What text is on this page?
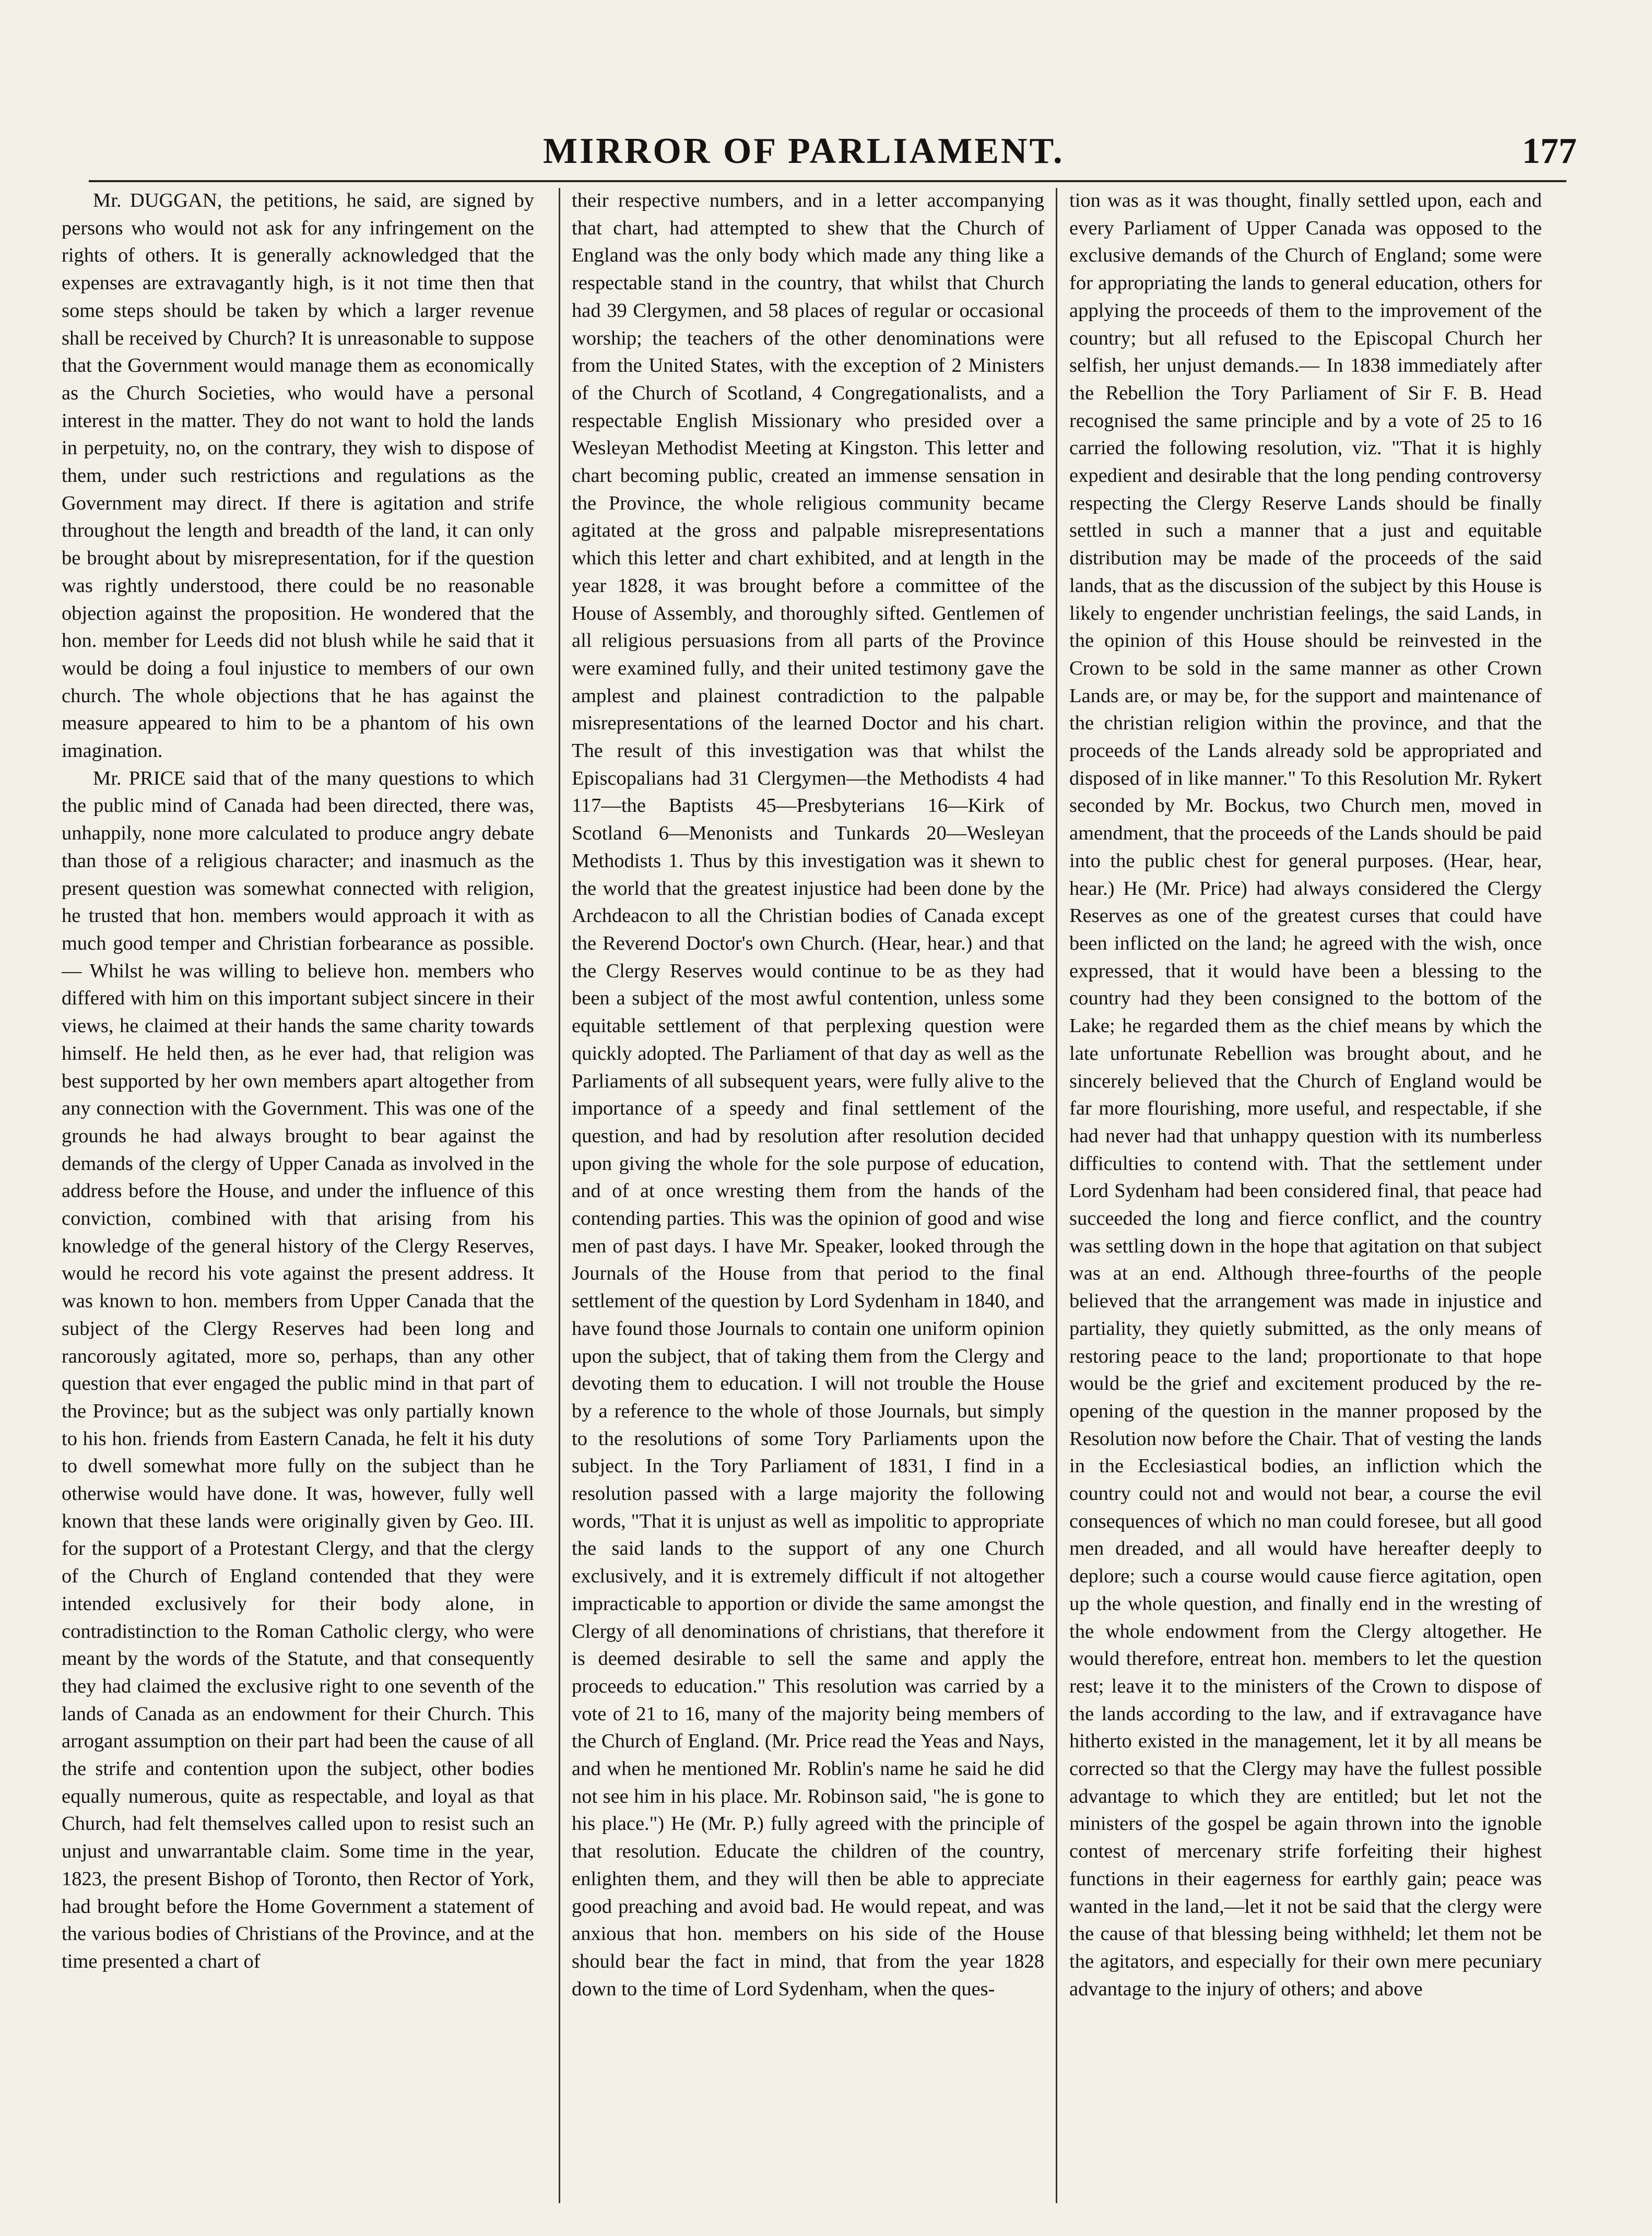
MIRROR OF PARLIAMENT.	177

Mr. DUGGAN, the petitions, he said, are signed by persons who would not ask for any infringement on the rights of others. It is generally acknowledged that the expenses are extravagantly high, is it not time then that some steps should be taken by which a larger revenue shall be received by Church? It is unreasonable to suppose that the Government would manage them as economically as the Church Societies, who would have a personal interest in the matter. They do not want to hold the lands in perpetuity, no, on the contrary, they wish to dispose of them, under such restrictions and regulations as the Government may direct. If there is agitation and strife throughout the length and breadth of the land, it can only be brought about by misrepresentation, for if the question was rightly understood, there could be no reasonable objection against the proposition. He wondered that the hon. member for Leeds did not blush while he said that it would be doing a foul injustice to members of our own church. The whole objections that he has against the measure appeared to him to be a phantom of his own imagination.

Mr. PRICE said that of the many questions to which the public mind of Canada had been directed, there was, unhappily, none more calculated to produce angry debate than those of a religious character; and inasmuch as the present question was somewhat connected with religion, he trusted that hon. members would approach it with as much good temper and Christian forbearance as possible.— Whilst he was willing to believe hon. members who differed with him on this important subject sincere in their views, he claimed at their hands the same charity towards himself. He held then, as he ever had, that religion was best supported by her own members apart altogether from any connection with the Government. This was one of the grounds he had always brought to bear against the demands of the clergy of Upper Canada as involved in the address before the House, and under the influence of this conviction, combined with that arising from his knowledge of the general history of the Clergy Reserves, would he record his vote against the present address. It was known to hon. members from Upper Canada that the subject of the Clergy Reserves had been long and rancorously agitated, more so, perhaps, than any other question that ever engaged the public mind in that part of the Province; but as the subject was only partially known to his hon. friends from Eastern Canada, he felt it his duty to dwell somewhat more fully on the subject than he otherwise would have done. It was, however, fully well known that these lands were originally given by Geo. III. for the support of a Protestant Clergy, and that the clergy of the Church of England contended that they were intended exclusively for their body alone, in contradistinction to the Roman Catholic clergy, who were meant by the words of the Statute, and that consequently they had claimed the exclusive right to one seventh of the lands of Canada as an endowment for their Church. This arrogant assumption on their part had been the cause of all the strife and contention upon the subject, other bodies equally numerous, quite as respectable, and loyal as that Church, had felt themselves called upon to resist such an unjust and unwarrantable claim. Some time in the year, 1823, the present Bishop of Toronto, then Rector of York, had brought before the Home Government a statement of the various bodies of Christians of the Province, and at the time presented a chart of

their respective numbers, and in a letter accompanying that chart, had attempted to shew that the Church of England was the only body which made any thing like a respectable stand in the country, that whilst that Church had 39 Clergymen, and 58 places of regular or occasional worship; the teachers of the other denominations were from the United States, with the exception of 2 Ministers of the Church of Scotland, 4 Congregationalists, and a respectable English Missionary who presided over a Wesleyan Methodist Meeting at Kingston. This letter and chart becoming public, created an immense sensation in the Province, the whole religious community became agitated at the gross and palpable misrepresentations which this letter and chart exhibited, and at length in the year 1828, it was brought before a committee of the House of Assembly, and thoroughly sifted. Gentlemen of all religious persuasions from all parts of the Province were examined fully, and their united testimony gave the amplest and plainest contradiction to the palpable misrepresentations of the learned Doctor and his chart. The result of this investigation was that whilst the Episcopalians had 31 Clergymen—the Methodists 4 had 117—the Baptists 45—Presbyterians 16—Kirk of Scotland 6—Menonists and Tunkards 20—Wesleyan Methodists 1. Thus by this investigation was it shewn to the world that the greatest injustice had been done by the Archdeacon to all the Christian bodies of Canada except the Reverend Doctor's own Church. (Hear, hear.) and that the Clergy Reserves would continue to be as they had been a subject of the most awful contention, unless some equitable settlement of that perplexing question were quickly adopted. The Parliament of that day as well as the Parliaments of all subsequent years, were fully alive to the importance of a speedy and final settlement of the question, and had by resolution after resolution decided upon giving the whole for the sole purpose of education, and of at once wresting them from the hands of the contending parties. This was the opinion of good and wise men of past days. I have Mr. Speaker, looked through the Journals of the House from that period to the final settlement of the question by Lord Sydenham in 1840, and have found those Journals to contain one uniform opinion upon the subject, that of taking them from the Clergy and devoting them to education. I will not trouble the House by a reference to the whole of those Journals, but simply to the resolutions of some Tory Parliaments upon the subject. In the Tory Parliament of 1831, I find in a resolution passed with a large majority the following words, "That it is unjust as well as impolitic to appropriate the said lands to the support of any one Church exclusively, and it is extremely difficult if not altogether impracticable to apportion or divide the same amongst the Clergy of all denominations of christians, that therefore it is deemed desirable to sell the same and apply the proceeds to education." This resolution was carried by a vote of 21 to 16, many of the majority being members of the Church of England. (Mr. Price read the Yeas and Nays, and when he mentioned Mr. Roblin's name he said he did not see him in his place. Mr. Robinson said, "he is gone to his place.") He (Mr. P.) fully agreed with the principle of that resolution. Educate the children of the country, enlighten them, and they will then be able to appreciate good preaching and avoid bad. He would repeat, and was anxious that hon. members on his side of the House should bear the fact in mind, that from the year 1828 down to the time of Lord Sydenham, when the ques-

tion was as it was thought, finally settled upon, each and every Parliament of Upper Canada was opposed to the exclusive demands of the Church of England; some were for appropriating the lands to general education, others for applying the proceeds of them to the improvement of the country; but all refused to the Episcopal Church her selfish, her unjust demands.— In 1838 immediately after the Rebellion the Tory Parliament of Sir F. B. Head recognised the same principle and by a vote of 25 to 16 carried the following resolution, viz. "That it is highly expedient and desirable that the long pending controversy respecting the Clergy Reserve Lands should be finally settled in such a manner that a just and equitable distribution may be made of the proceeds of the said lands, that as the discussion of the subject by this House is likely to engender unchristian feelings, the said Lands, in the opinion of this House should be reinvested in the Crown to be sold in the same manner as other Crown Lands are, or may be, for the support and maintenance of the christian religion within the province, and that the proceeds of the Lands already sold be appropriated and disposed of in like manner." To this Resolution Mr. Rykert seconded by Mr. Bockus, two Church men, moved in amendment, that the proceeds of the Lands should be paid into the public chest for general purposes. (Hear, hear, hear.) He (Mr. Price) had always considered the Clergy Reserves as one of the greatest curses that could have been inflicted on the land; he agreed with the wish, once expressed, that it would have been a blessing to the country had they been consigned to the bottom of the Lake; he regarded them as the chief means by which the late unfortunate Rebellion was brought about, and he sincerely believed that the Church of England would be far more flourishing, more useful, and respectable, if she had never had that unhappy question with its numberless difficulties to contend with. That the settlement under Lord Sydenham had been considered final, that peace had succeeded the long and fierce conflict, and the country was settling down in the hope that agitation on that subject was at an end. Although three-fourths of the people believed that the arrangement was made in injustice and partiality, they quietly submitted, as the only means of restoring peace to the land; proportionate to that hope would be the grief and excitement produced by the re-opening of the question in the manner proposed by the Resolution now before the Chair. That of vesting the lands in the Ecclesiastical bodies, an infliction which the country could not and would not bear, a course the evil consequences of which no man could foresee, but all good men dreaded, and all would have hereafter deeply to deplore; such a course would cause fierce agitation, open up the whole question, and finally end in the wresting of the whole endowment from the Clergy altogether. He would therefore, entreat hon. members to let the question rest; leave it to the ministers of the Crown to dispose of the lands according to the law, and if extravagance have hitherto existed in the management, let it by all means be corrected so that the Clergy may have the fullest possible advantage to which they are entitled; but let not the ministers of the gospel be again thrown into the ignoble contest of mercenary strife forfeiting their highest functions in their eagerness for earthly gain; peace was wanted in the land,—let it not be said that the clergy were the cause of that blessing being withheld; let them not be the agitators, and especially for their own mere pecuniary advantage to the injury of others; and above
